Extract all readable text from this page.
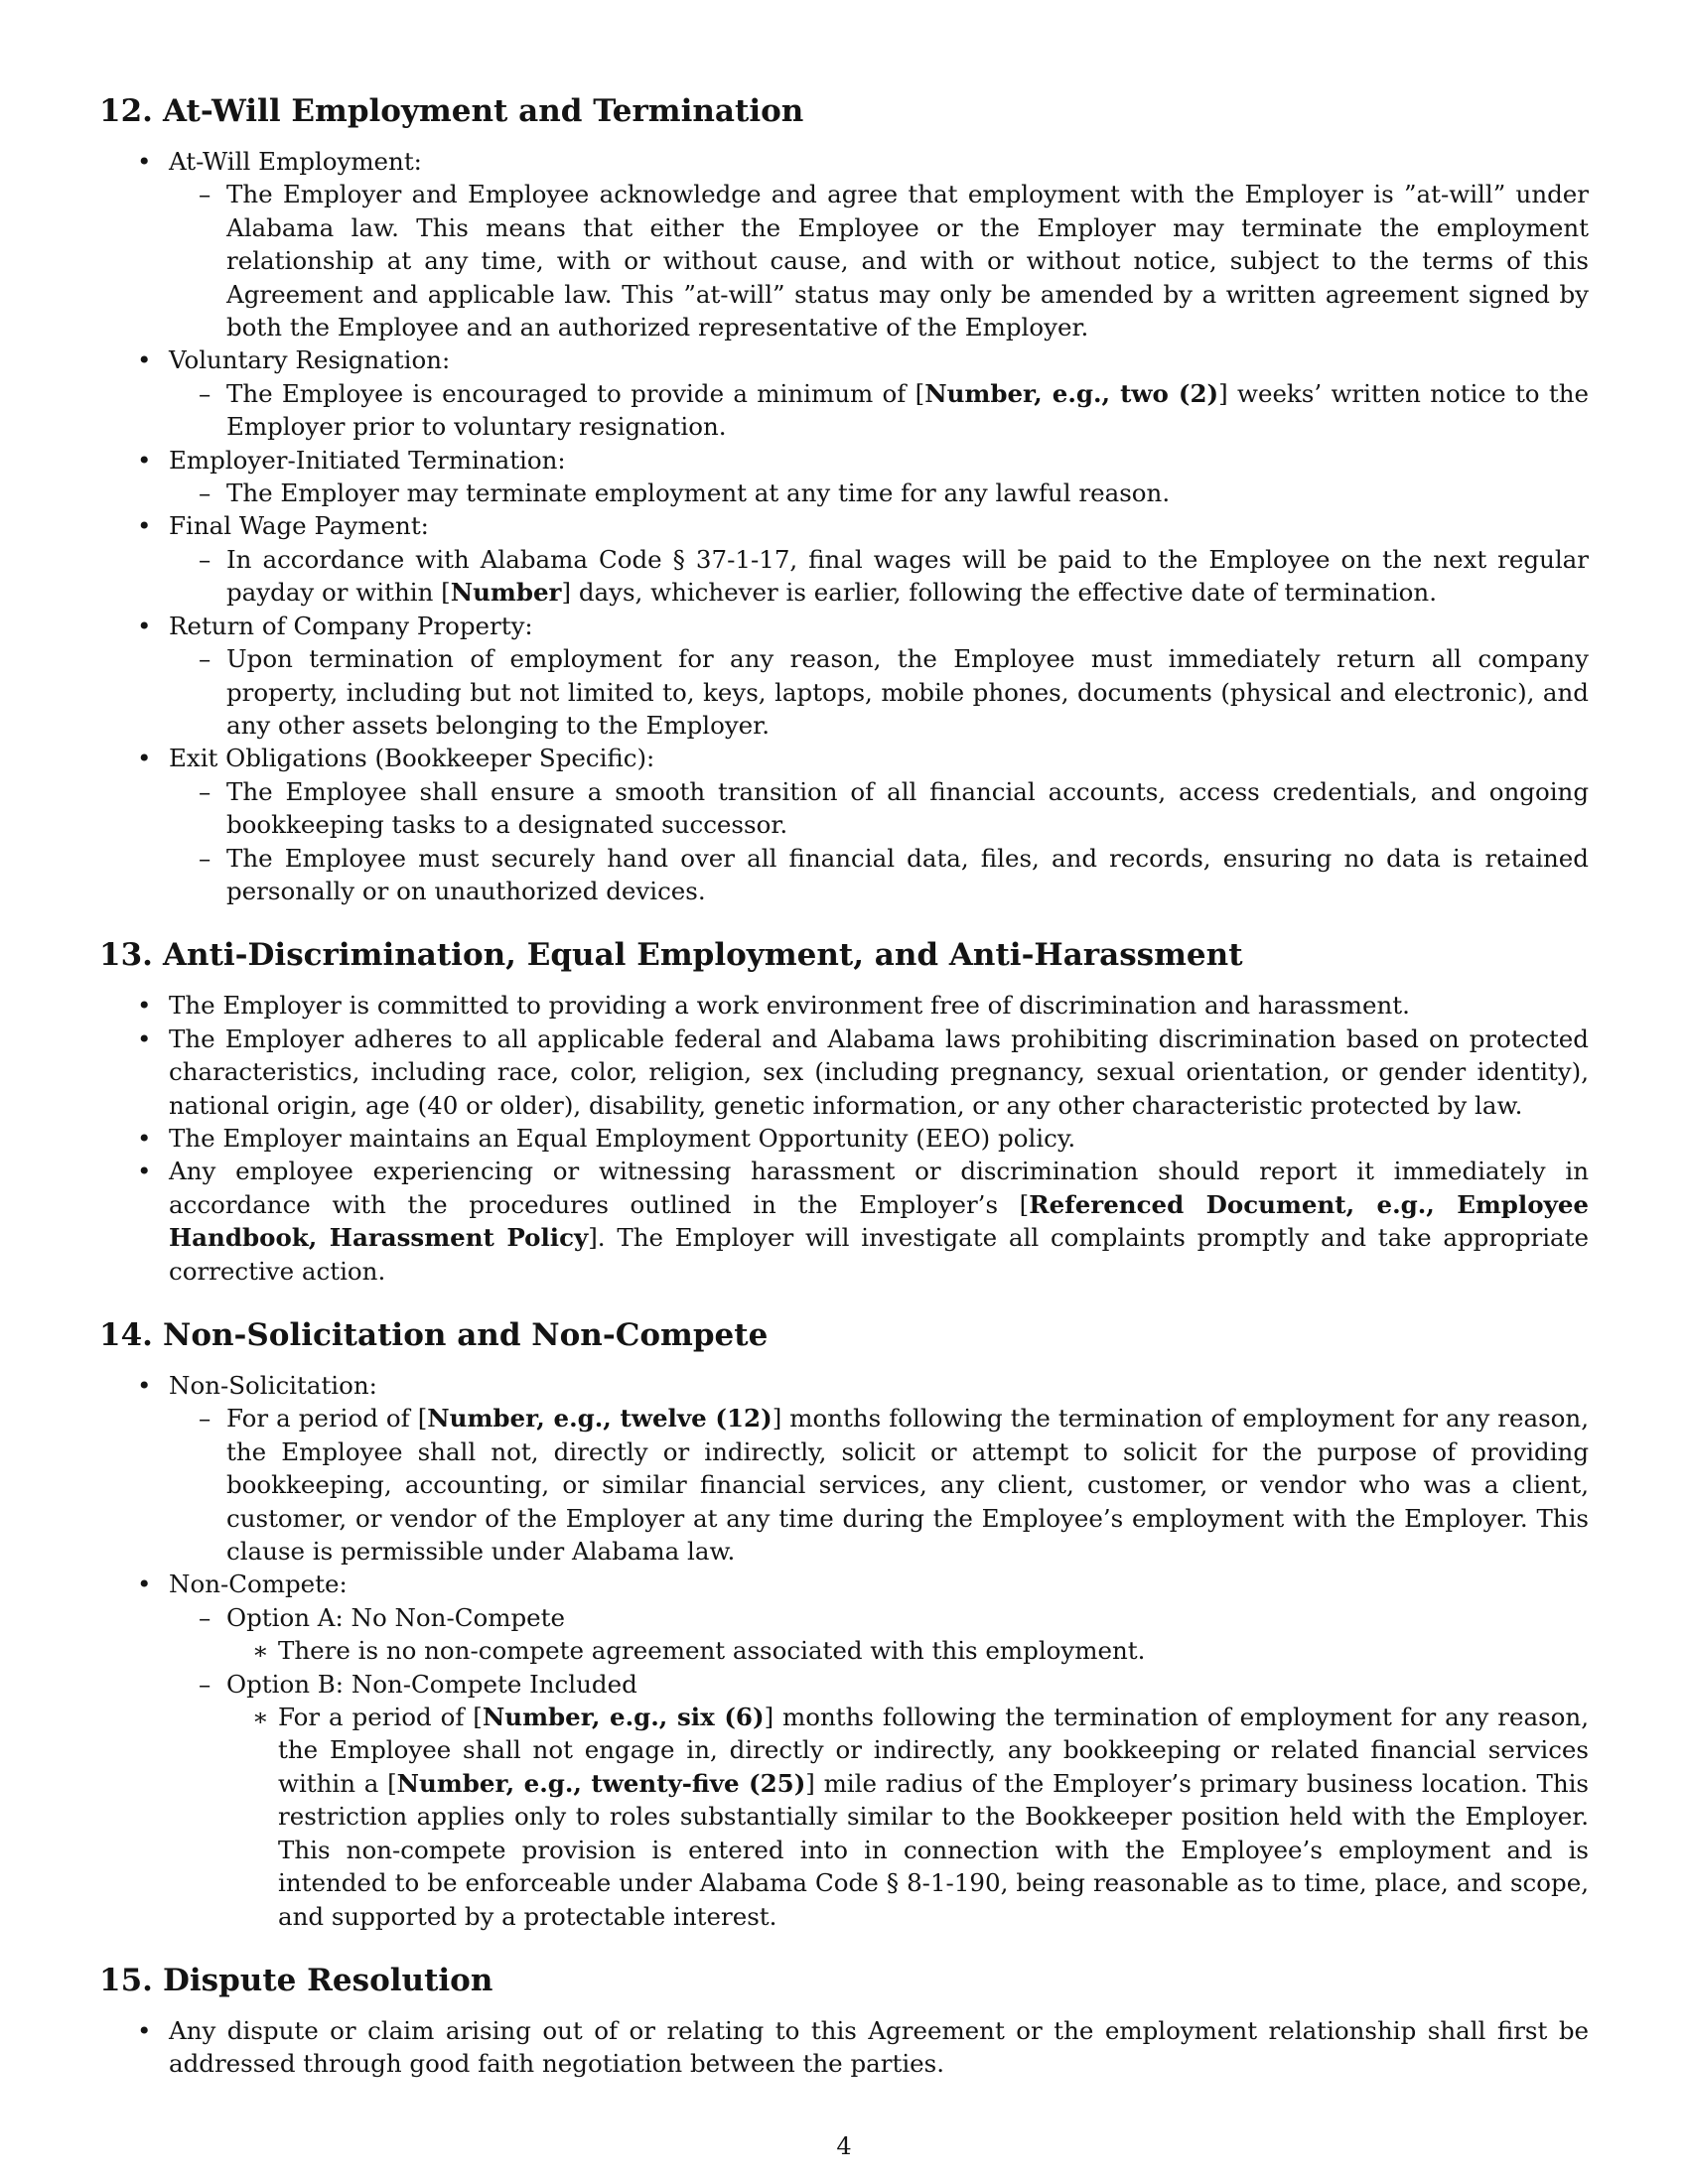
12. At-Will Employment and Termination
• At-Will Employment:
– The Employer and Employee acknowledge and agree that employment with the Employer is ”at-will” under Alabama law. This means that either the Employee or the Employer may terminate the employment relationship at any time, with or without cause, and with or without notice, subject to the terms of this Agreement and applicable law. This ”at-will” status may only be amended by a written agreement signed by both the Employee and an authorized representative of the Employer.
• Voluntary Resignation:
– The Employee is encouraged to provide a minimum of [Number, e.g., two (2)] weeks’ written notice to the Employer prior to voluntary resignation.
• Employer-Initiated Termination:
– The Employer may terminate employment at any time for any lawful reason.
• Final Wage Payment:
– In accordance with Alabama Code § 37-1-17, final wages will be paid to the Employee on the next regular payday or within [Number] days, whichever is earlier, following the effective date of termination.
• Return of Company Property:
– Upon termination of employment for any reason, the Employee must immediately return all company property, including but not limited to, keys, laptops, mobile phones, documents (physical and electronic), and any other assets belonging to the Employer.
• Exit Obligations (Bookkeeper Specific):
– The Employee shall ensure a smooth transition of all financial accounts, access credentials, and ongoing bookkeeping tasks to a designated successor.
– The Employee must securely hand over all financial data, files, and records, ensuring no data is retained personally or on unauthorized devices.
13. Anti-Discrimination, Equal Employment, and Anti-Harassment
• The Employer is committed to providing a work environment free of discrimination and harassment.
• The Employer adheres to all applicable federal and Alabama laws prohibiting discrimination based on protected characteristics, including race, color, religion, sex (including pregnancy, sexual orientation, or gender identity), national origin, age (40 or older), disability, genetic information, or any other characteristic protected by law.
• The Employer maintains an Equal Employment Opportunity (EEO) policy.
• Any employee experiencing or witnessing harassment or discrimination should report it immediately in accordance with the procedures outlined in the Employer’s [Referenced Document, e.g., Employee Handbook, Harassment Policy]. The Employer will investigate all complaints promptly and take appropriate corrective action.
14. Non-Solicitation and Non-Compete
• Non-Solicitation:
– For a period of [Number, e.g., twelve (12)] months following the termination of employment for any reason, the Employee shall not, directly or indirectly, solicit or attempt to solicit for the purpose of providing bookkeeping, accounting, or similar financial services, any client, customer, or vendor who was a client, customer, or vendor of the Employer at any time during the Employee’s employment with the Employer. This clause is permissible under Alabama law.
• Non-Compete:
– Option A: No Non-Compete
∗ There is no non-compete agreement associated with this employment.
– Option B: Non-Compete Included
∗ For a period of [Number, e.g., six (6)] months following the termination of employment for any reason, the Employee shall not engage in, directly or indirectly, any bookkeeping or related financial services within a [Number, e.g., twenty-five (25)] mile radius of the Employer’s primary business location. This restriction applies only to roles substantially similar to the Bookkeeper position held with the Employer. This non-compete provision is entered into in connection with the Employee’s employment and is intended to be enforceable under Alabama Code § 8-1-190, being reasonable as to time, place, and scope, and supported by a protectable interest.
15. Dispute Resolution
• Any dispute or claim arising out of or relating to this Agreement or the employment relationship shall first be addressed through good faith negotiation between the parties.
4
